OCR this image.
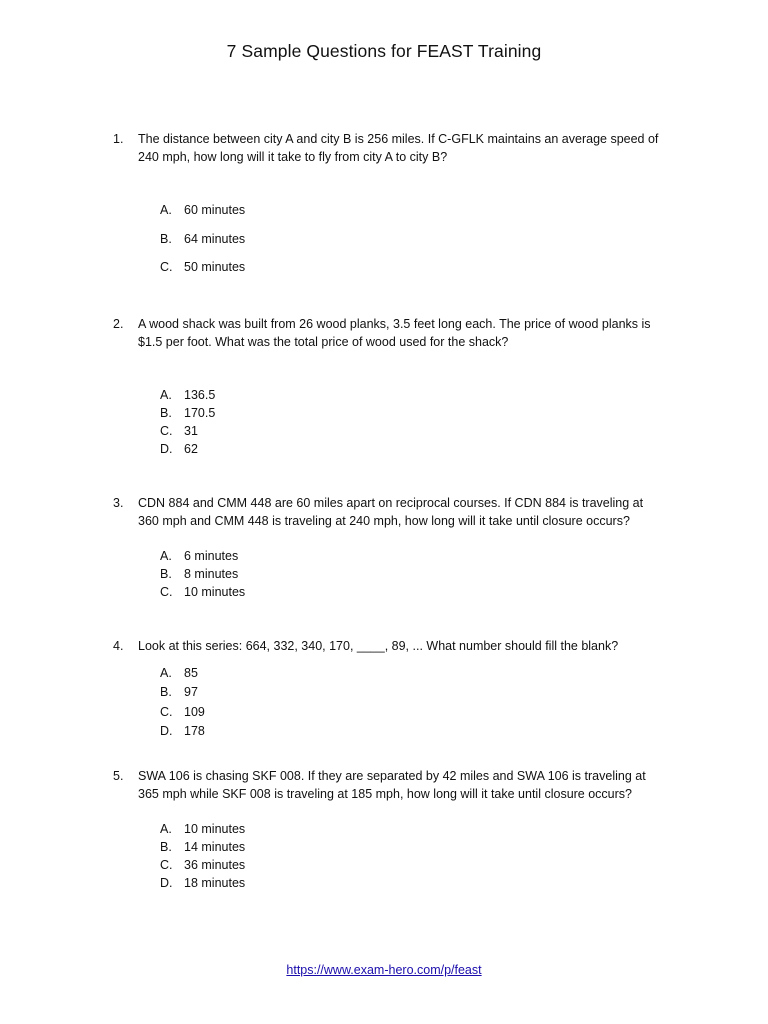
7 Sample Questions for FEAST Training
1. The distance between city A and city B is 256 miles. If C-GFLK maintains an average speed of
240 mph, how long will it take to fly from city A to city B?
A. 60 minutes
B. 64 minutes
C. 50 minutes
2. A wood shack was built from 26 wood planks, 3.5 feet long each. The price of wood planks is
$1.5 per foot. What was the total price of wood used for the shack?
A. 136.5
B. 170.5
C. 31
D. 62
3. CDN 884 and CMM 448 are 60 miles apart on reciprocal courses. If CDN 884 is traveling at
360 mph and CMM 448 is traveling at 240 mph, how long will it take until closure occurs?
A. 6 minutes
B. 8 minutes
C. 10 minutes
4. Look at this series: 664, 332, 340, 170, ____, 89, ... What number should fill the blank?
A. 85
B. 97
C. 109
D. 178
5. SWA 106 is chasing SKF 008. If they are separated by 42 miles and SWA 106 is traveling at
365 mph while SKF 008 is traveling at 185 mph, how long will it take until closure occurs?
A. 10 minutes
B. 14 minutes
C. 36 minutes
D. 18 minutes
https://www.exam-hero.com/p/feast
